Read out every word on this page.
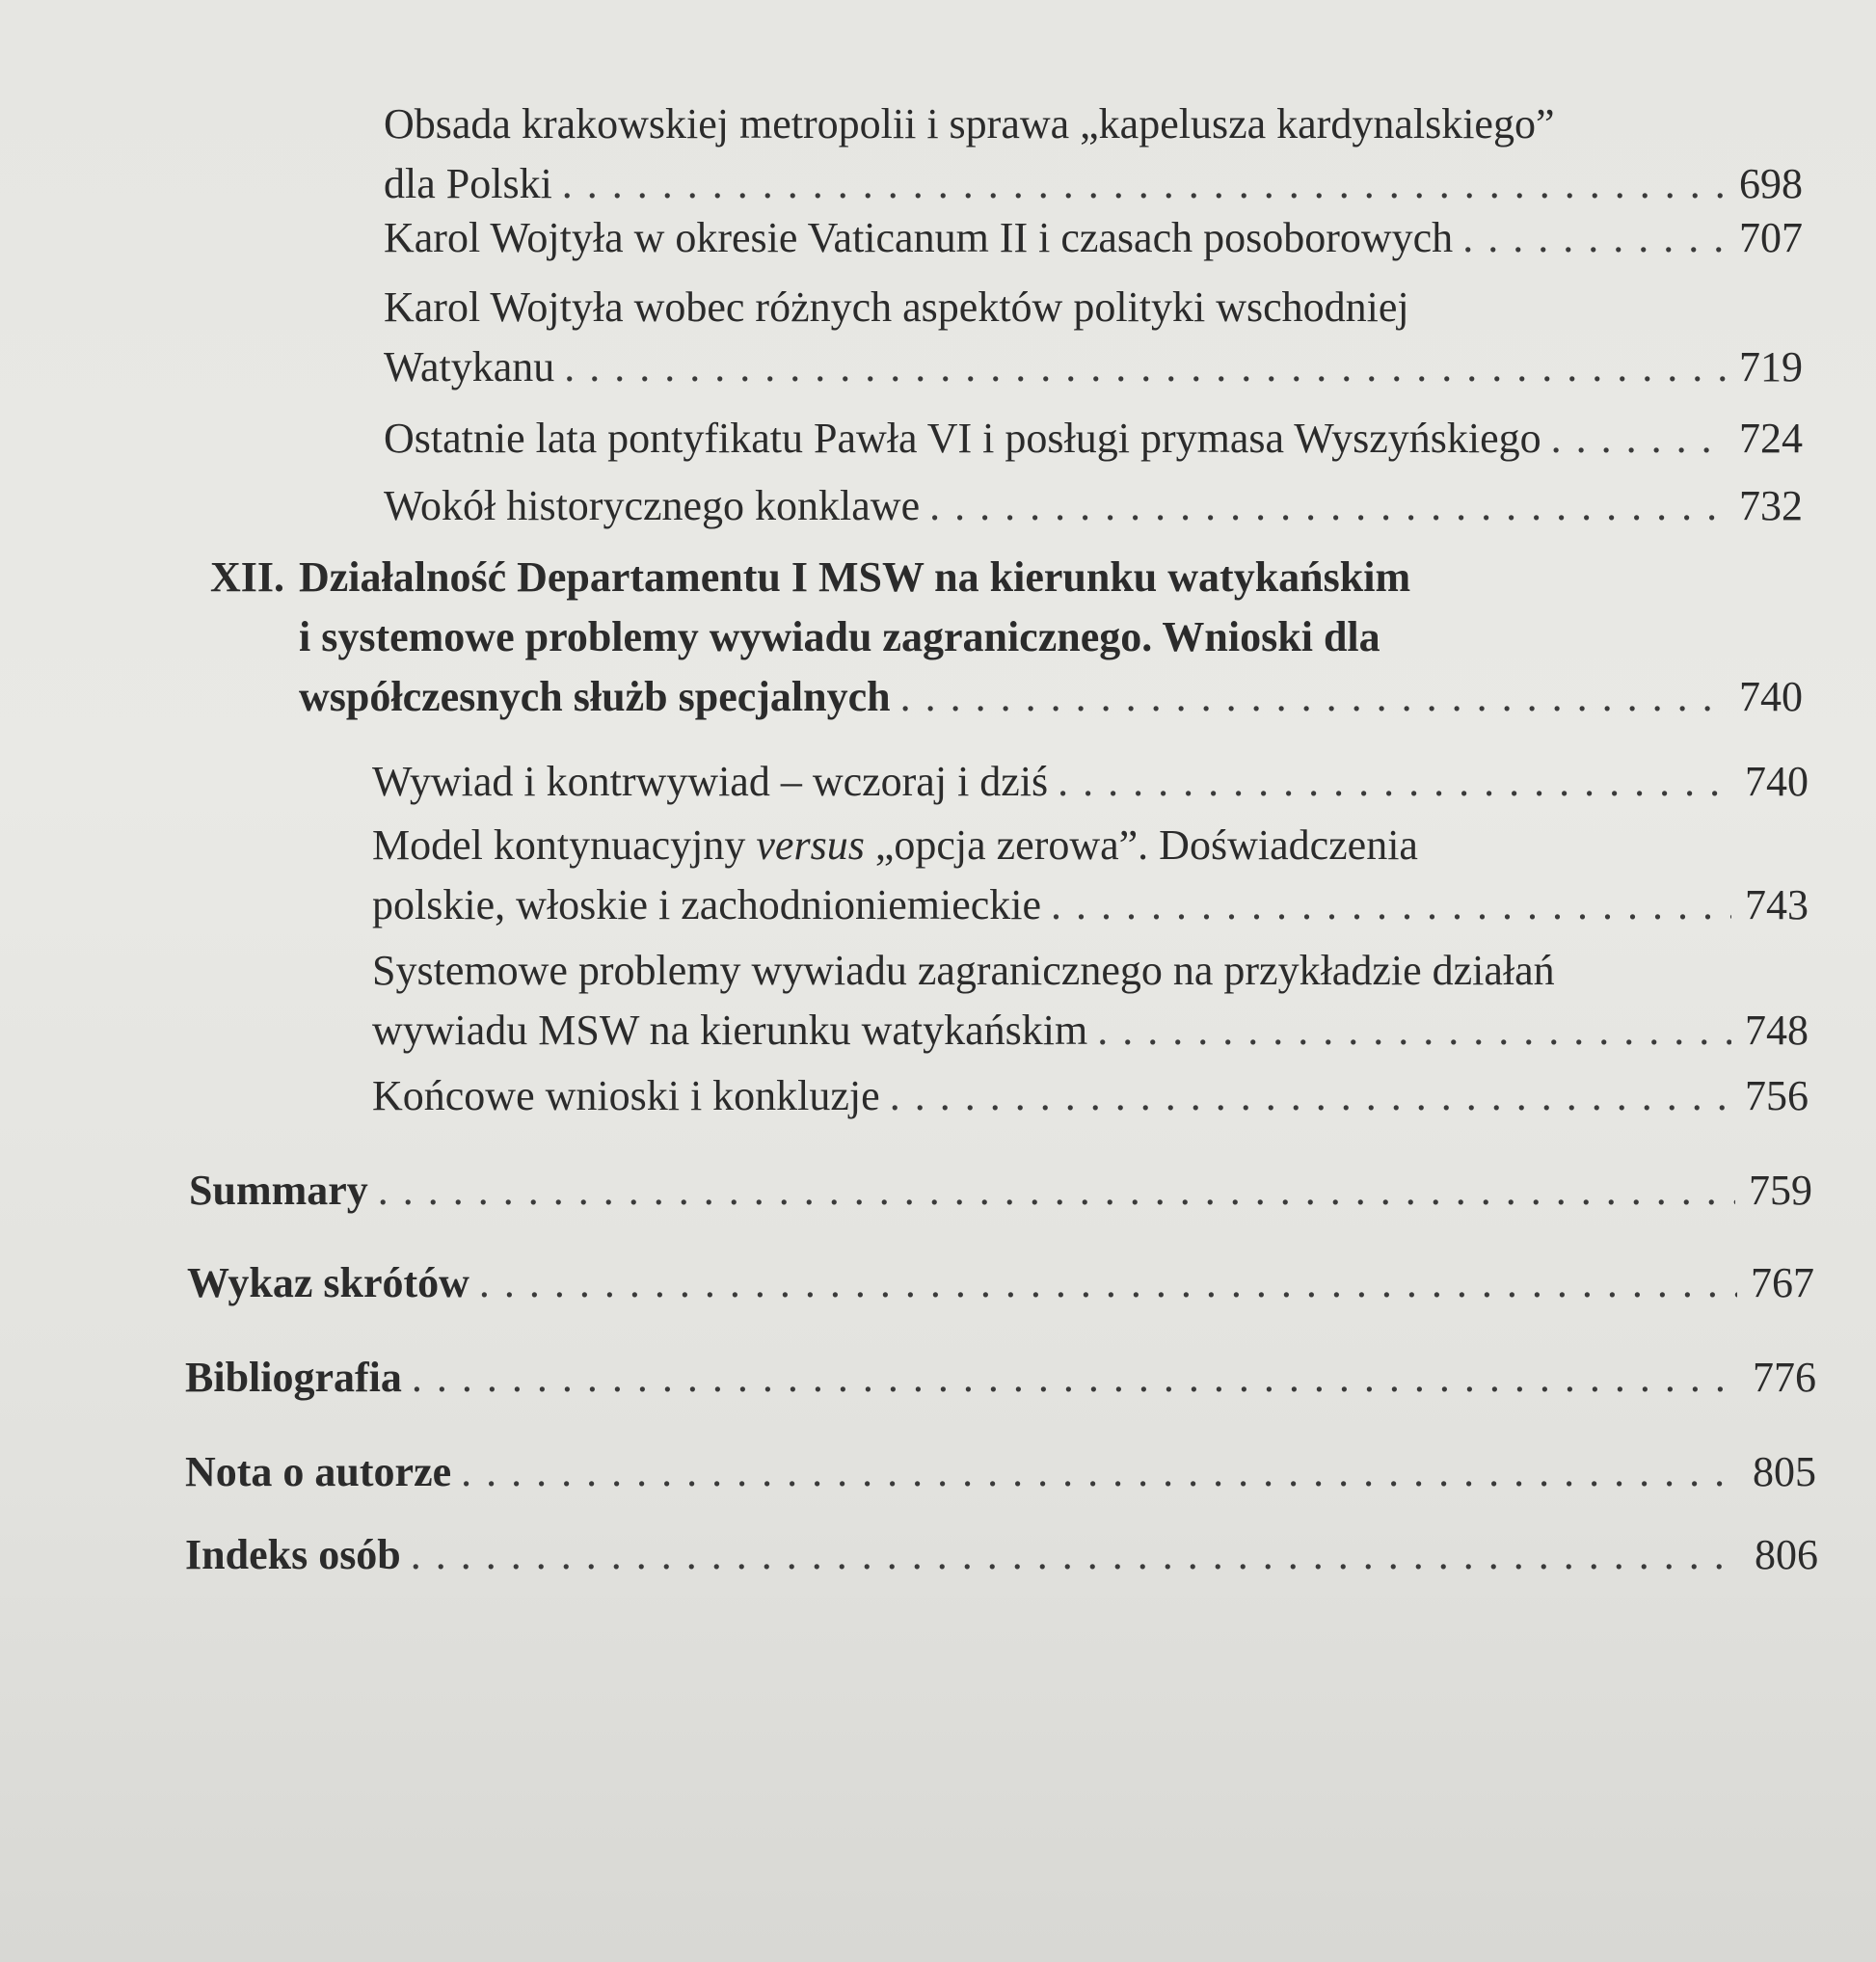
Obsada krakowskiej metropolii i sprawa „kapelusza kardynalskiego”
dla Polski . . .	698
Karol Wojtyła w okresie Vaticanum II i czasach posoborowych . . .	707
Karol Wojtyła wobec różnych aspektów polityki wschodniej
Watykanu . . .	719
Ostatnie lata pontyfikatu Pawła VI i posługi prymasa Wyszyńskiego . . .	724
Wokół historycznego konklawe . . .	732
XII. Działalność Departamentu I MSW na kierunku watykańskim
i systemowe problemy wywiadu zagranicznego. Wnioski dla
współczesnych służb specjalnych . . .	740
Wywiad i kontrwywiad – wczoraj i dziś . . .	740
Model kontynuacyjny versus „opcja zerowa”. Doświadczenia
polskie, włoskie i zachodnioniemieckie . . .	743
Systemowe problemy wywiadu zagranicznego na przykładzie działań
wywiadu MSW na kierunku watykańskim . . .	748
Końcowe wnioski i konkluzje . . .	756
Summary . . .	759
Wykaz skrótów . . .	767
Bibliografia . . .	776
Nota o autorze . . .	805
Indeks osób . . .	806
